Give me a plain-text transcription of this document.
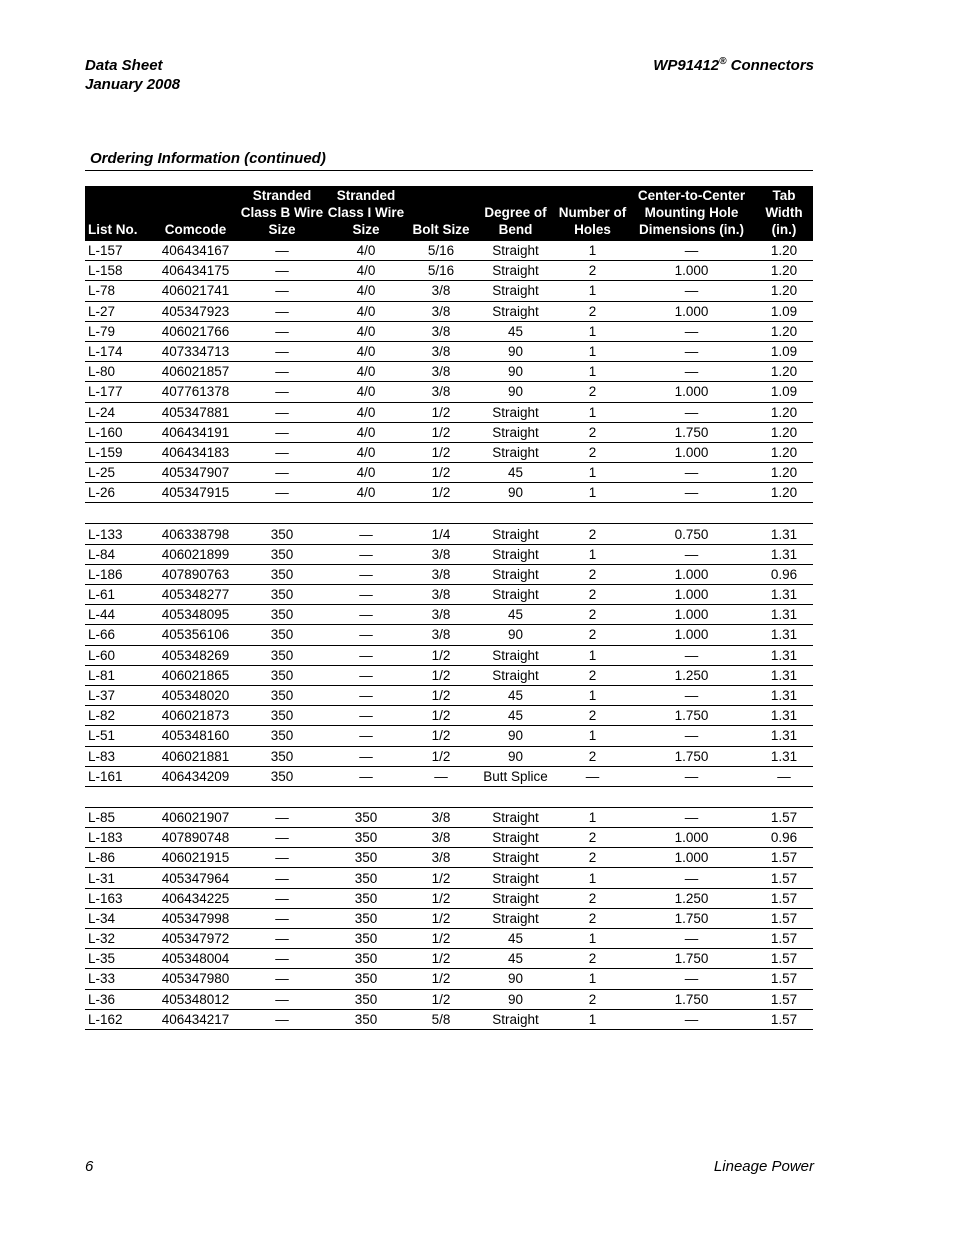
Data Sheet
January 2008
WP91412® Connectors
Ordering Information (continued)
List No.	Comcode	Stranded Class B Wire Size	Stranded Class I Wire Size	Bolt Size	Degree of Bend	Number of Holes	Center-to-Center Mounting Hole Dimensions (in.)	Tab Width (in.)
L-157	406434167	—	4/0	5/16	Straight	1	—	1.20
L-158	406434175	—	4/0	5/16	Straight	2	1.000	1.20
L-78	406021741	—	4/0	3/8	Straight	1	—	1.20
L-27	405347923	—	4/0	3/8	Straight	2	1.000	1.09
L-79	406021766	—	4/0	3/8	45	1	—	1.20
L-174	407334713	—	4/0	3/8	90	1	—	1.09
L-80	406021857	—	4/0	3/8	90	1	—	1.20
L-177	407761378	—	4/0	3/8	90	2	1.000	1.09
L-24	405347881	—	4/0	1/2	Straight	1	—	1.20
L-160	406434191	—	4/0	1/2	Straight	2	1.750	1.20
L-159	406434183	—	4/0	1/2	Straight	2	1.000	1.20
L-25	405347907	—	4/0	1/2	45	1	—	1.20
L-26	405347915	—	4/0	1/2	90	1	—	1.20

L-133	406338798	350	—	1/4	Straight	2	0.750	1.31
L-84	406021899	350	—	3/8	Straight	1	—	1.31
L-186	407890763	350	—	3/8	Straight	2	1.000	0.96
L-61	405348277	350	—	3/8	Straight	2	1.000	1.31
L-44	405348095	350	—	3/8	45	2	1.000	1.31
L-66	405356106	350	—	3/8	90	2	1.000	1.31
L-60	405348269	350	—	1/2	Straight	1	—	1.31
L-81	406021865	350	—	1/2	Straight	2	1.250	1.31
L-37	405348020	350	—	1/2	45	1	—	1.31
L-82	406021873	350	—	1/2	45	2	1.750	1.31
L-51	405348160	350	—	1/2	90	1	—	1.31
L-83	406021881	350	—	1/2	90	2	1.750	1.31
L-161	406434209	350	—	—	Butt Splice	—	—	—

L-85	406021907	—	350	3/8	Straight	1	—	1.57
L-183	407890748	—	350	3/8	Straight	2	1.000	0.96
L-86	406021915	—	350	3/8	Straight	2	1.000	1.57
L-31	405347964	—	350	1/2	Straight	1	—	1.57
L-163	406434225	—	350	1/2	Straight	2	1.250	1.57
L-34	405347998	—	350	1/2	Straight	2	1.750	1.57
L-32	405347972	—	350	1/2	45	1	—	1.57
L-35	405348004	—	350	1/2	45	2	1.750	1.57
L-33	405347980	—	350	1/2	90	1	—	1.57
L-36	405348012	—	350	1/2	90	2	1.750	1.57
L-162	406434217	—	350	5/8	Straight	1	—	1.57
6	Lineage Power
